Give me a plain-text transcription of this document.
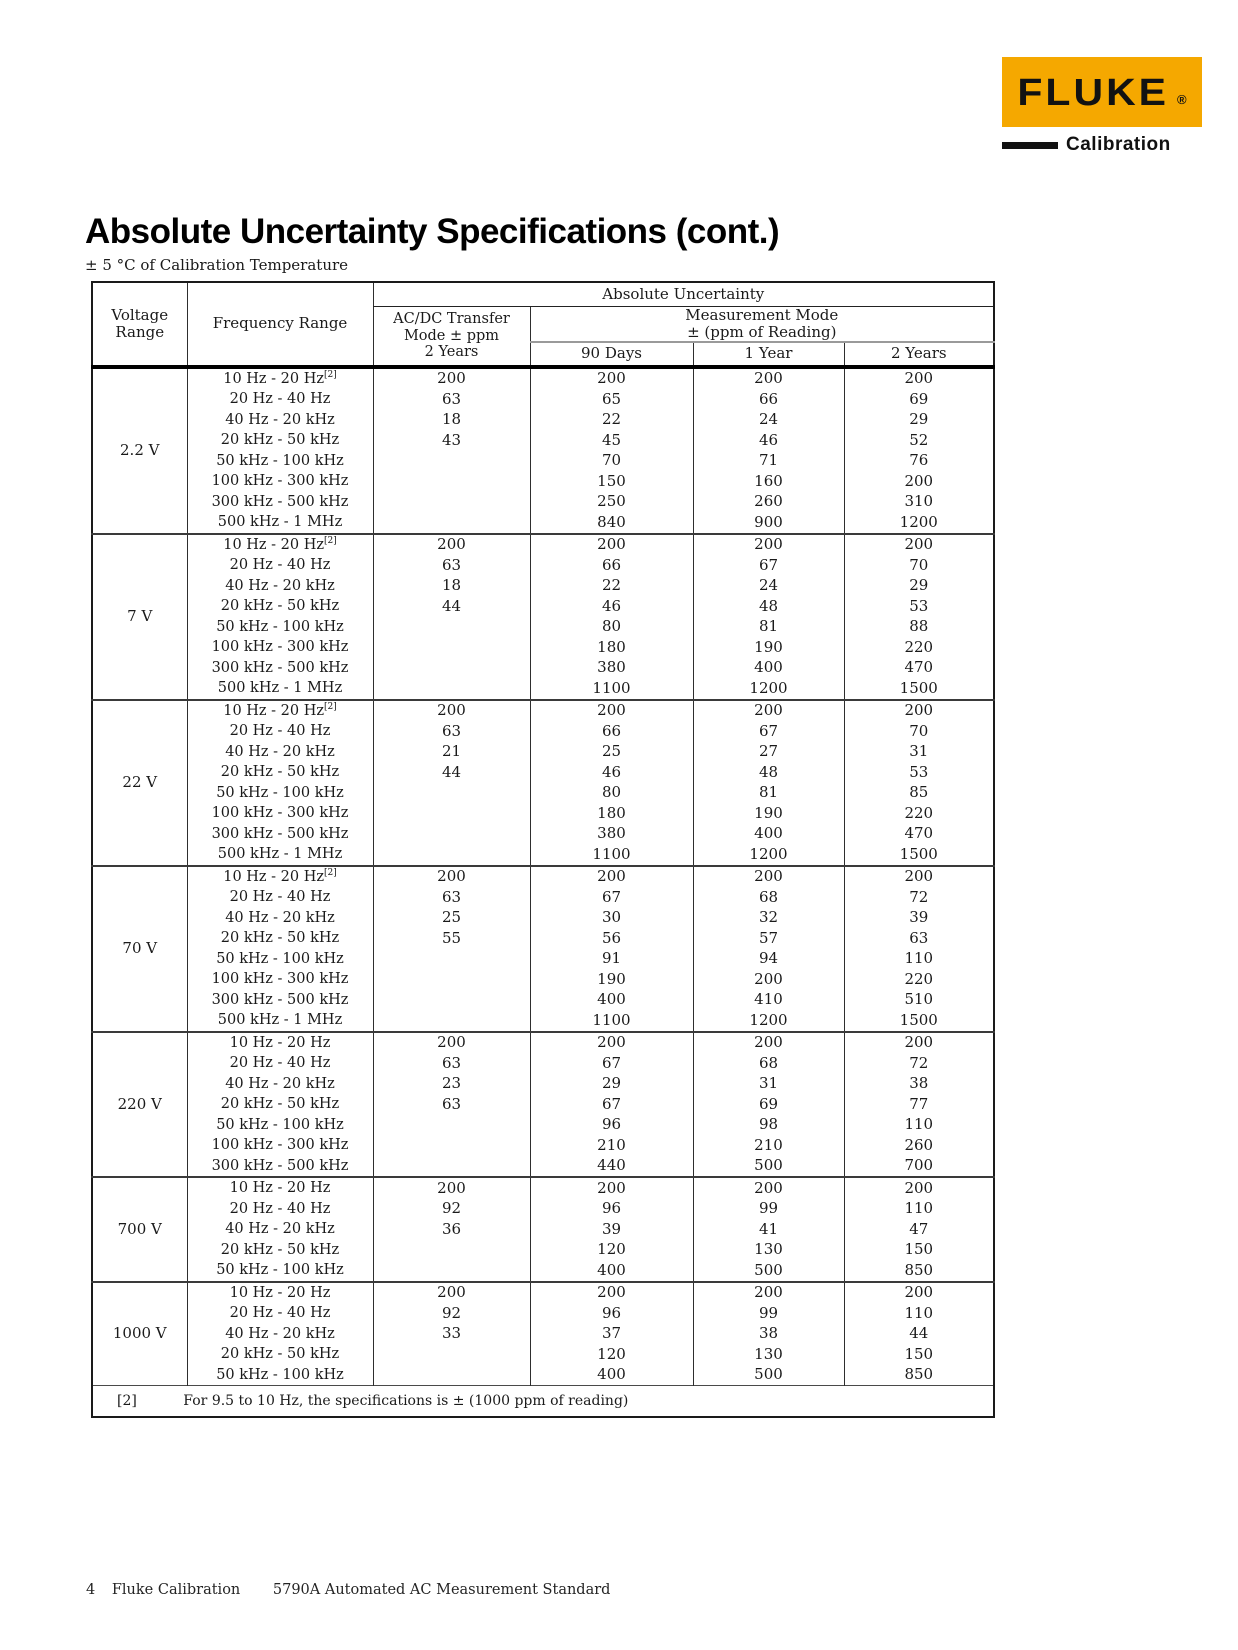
FLUKE ®
Calibration
Absolute Uncertainty Specifications (cont.)
± 5 °C of Calibration Temperature
Voltage
Range	Frequency Range	Absolute Uncertainty			
		AC/DC Transfer
Mode ± ppm
2 Years	Measurement Mode
± (ppm of Reading)		
			90 Days	1 Year	2 Years
2.2 V	10 Hz - 20 Hz[2]	200	200	200	200
	20 Hz - 40 Hz	63	65	66	69
	40 Hz - 20 kHz	18	22	24	29
	20 kHz - 50 kHz	43	45	46	52
	50 kHz - 100 kHz		70	71	76
	100 kHz - 300 kHz		150	160	200
	300 kHz - 500 kHz		250	260	310
	500 kHz - 1 MHz		840	900	1200
7 V	10 Hz - 20 Hz[2]	200	200	200	200
	20 Hz - 40 Hz	63	66	67	70
	40 Hz - 20 kHz	18	22	24	29
	20 kHz - 50 kHz	44	46	48	53
	50 kHz - 100 kHz		80	81	88
	100 kHz - 300 kHz		180	190	220
	300 kHz - 500 kHz		380	400	470
	500 kHz - 1 MHz		1100	1200	1500
22 V	10 Hz - 20 Hz[2]	200	200	200	200
	20 Hz - 40 Hz	63	66	67	70
	40 Hz - 20 kHz	21	25	27	31
	20 kHz - 50 kHz	44	46	48	53
	50 kHz - 100 kHz		80	81	85
	100 kHz - 300 kHz		180	190	220
	300 kHz - 500 kHz		380	400	470
	500 kHz - 1 MHz		1100	1200	1500
70 V	10 Hz - 20 Hz[2]	200	200	200	200
	20 Hz - 40 Hz	63	67	68	72
	40 Hz - 20 kHz	25	30	32	39
	20 kHz - 50 kHz	55	56	57	63
	50 kHz - 100 kHz		91	94	110
	100 kHz - 300 kHz		190	200	220
	300 kHz - 500 kHz		400	410	510
	500 kHz - 1 MHz		1100	1200	1500
220 V	10 Hz - 20 Hz	200	200	200	200
	20 Hz - 40 Hz	63	67	68	72
	40 Hz - 20 kHz	23	29	31	38
	20 kHz - 50 kHz	63	67	69	77
	50 kHz - 100 kHz		96	98	110
	100 kHz - 300 kHz		210	210	260
	300 kHz - 500 kHz		440	500	700
700 V	10 Hz - 20 Hz	200	200	200	200
	20 Hz - 40 Hz	92	96	99	110
	40 Hz - 20 kHz	36	39	41	47
	20 kHz - 50 kHz		120	130	150
	50 kHz - 100 kHz		400	500	850
1000 V	10 Hz - 20 Hz	200	200	200	200
	20 Hz - 40 Hz	92	96	99	110
	40 Hz - 20 kHz	33	37	38	44
	20 kHz - 50 kHz		120	130	150
	50 kHz - 100 kHz		400	500	850
[2] For 9.5 to 10 Hz, the specifications is ± (1000 ppm of reading)					
4 Fluke Calibration 5790A Automated AC Measurement Standard
